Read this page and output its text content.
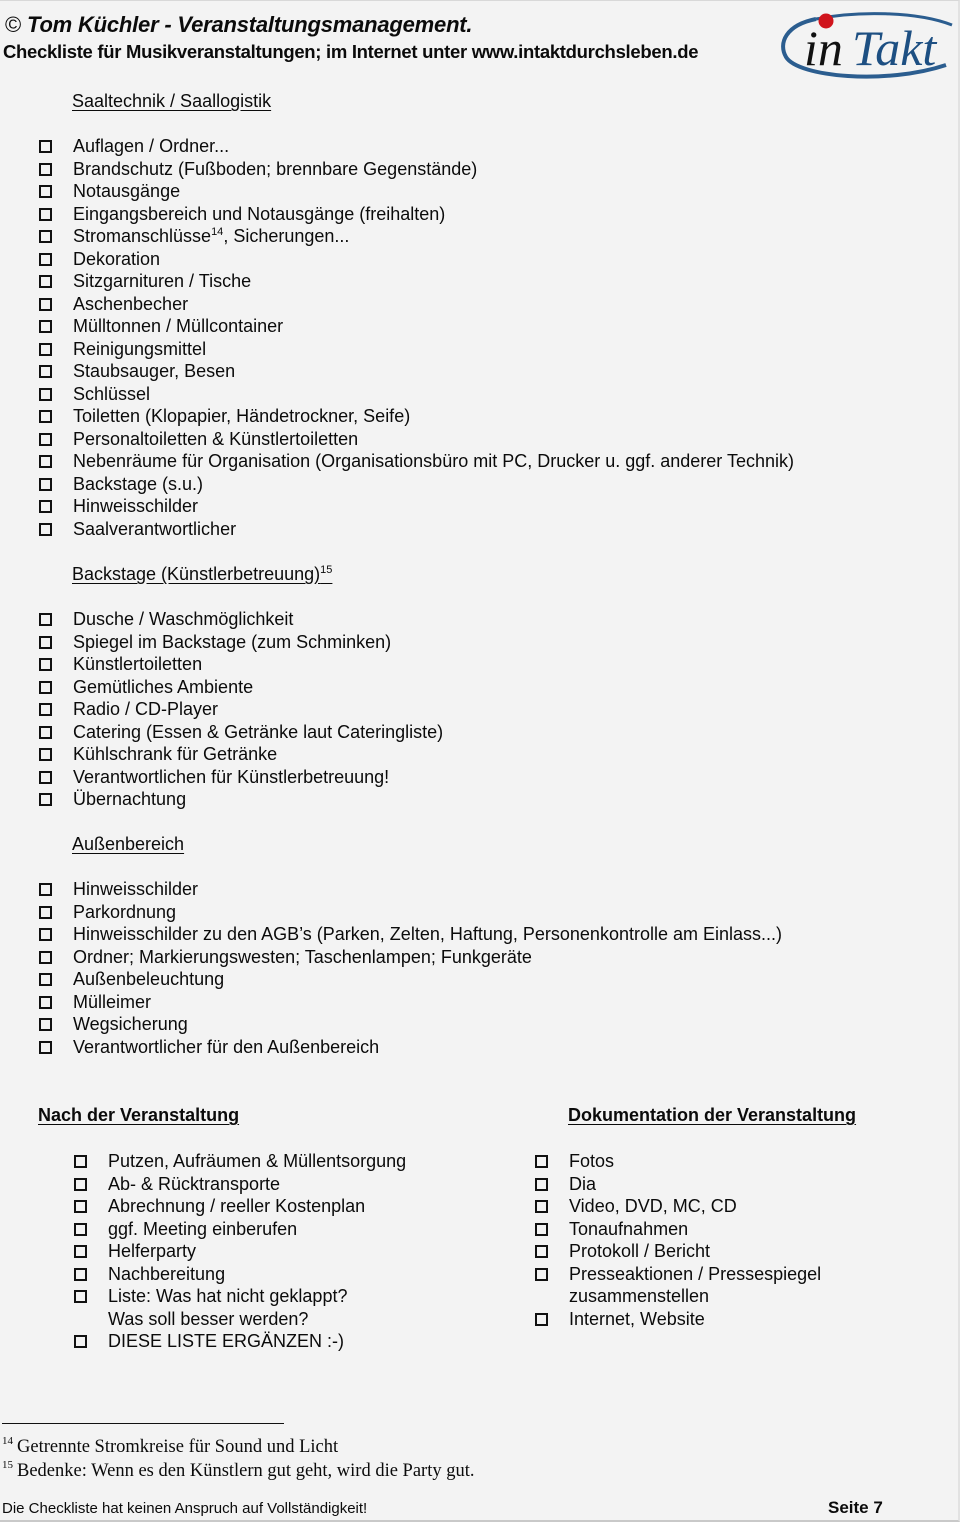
© Tom Küchler - Veranstaltungsmanagement.
Checkliste für Musikveranstaltungen; im Internet unter www.intaktdurchsleben.de in Takt
Saaltechnik / Saallogistik
Auflagen / Ordner...
Brandschutz (Fußboden; brennbare Gegenstände)
Notausgänge
Eingangsbereich und Notausgänge (freihalten)
Stromanschlüsse$^{14}$, Sicherungen...
Dekoration
Sitzgarnituren / Tische
Aschenbecher
Mülltonnen / Müllcontainer
Reinigungsmittel
Staubsauger, Besen
Schlüssel
Toiletten (Klopapier, Händetrockner, Seife)
Personaltoiletten & Künstlertoiletten
Nebenräume für Organisation (Organisationsbüro mit PC, Drucker u. ggf. anderer Technik)
Backstage (s.u.)
Hinweisschilder
Saalverantwortlicher
Backstage (Künstlerbetreuung)$^{15}$
Dusche / Waschmöglichkeit
Spiegel im Backstage (zum Schminken)
Künstlertoiletten
Gemütliches Ambiente
Radio / CD-Player
Catering (Essen & Getränke laut Cateringliste)
Kühlschrank für Getränke
Verantwortlichen für Künstlerbetreuung!
Übernachtung
Außenbereich
Hinweisschilder
Parkordnung
Hinweisschilder zu den AGB’s (Parken, Zelten, Haftung, Personenkontrolle am Einlass...)
Ordner; Markierungswesten; Taschenlampen; Funkgeräte
Außenbeleuchtung
Mülleimer
Wegsicherung
Verantwortlicher für den Außenbereich
Nach der Veranstaltung
Putzen, Aufräumen & Müllentsorgung
Ab- & Rücktransporte
Abrechnung / reeller Kostenplan
ggf. Meeting einberufen
Helferparty
Nachbereitung
Liste: Was hat nicht geklappt?
Was soll besser werden?
DIESE LISTE ERGÄNZEN :-)
Dokumentation der Veranstaltung
Fotos
Dia
Video, DVD, MC, CD
Tonaufnahmen
Protokoll / Bericht
Presseaktionen / Pressespiegel
zusammenstellen
Internet, Website
$^{14}$ Getrennte Stromkreise für Sound und Licht
$^{15}$ Bedenke: Wenn es den Künstlern gut geht, wird die Party gut.
Die Checkliste hat keinen Anspruch auf Vollständigkeit!	Seite 7
